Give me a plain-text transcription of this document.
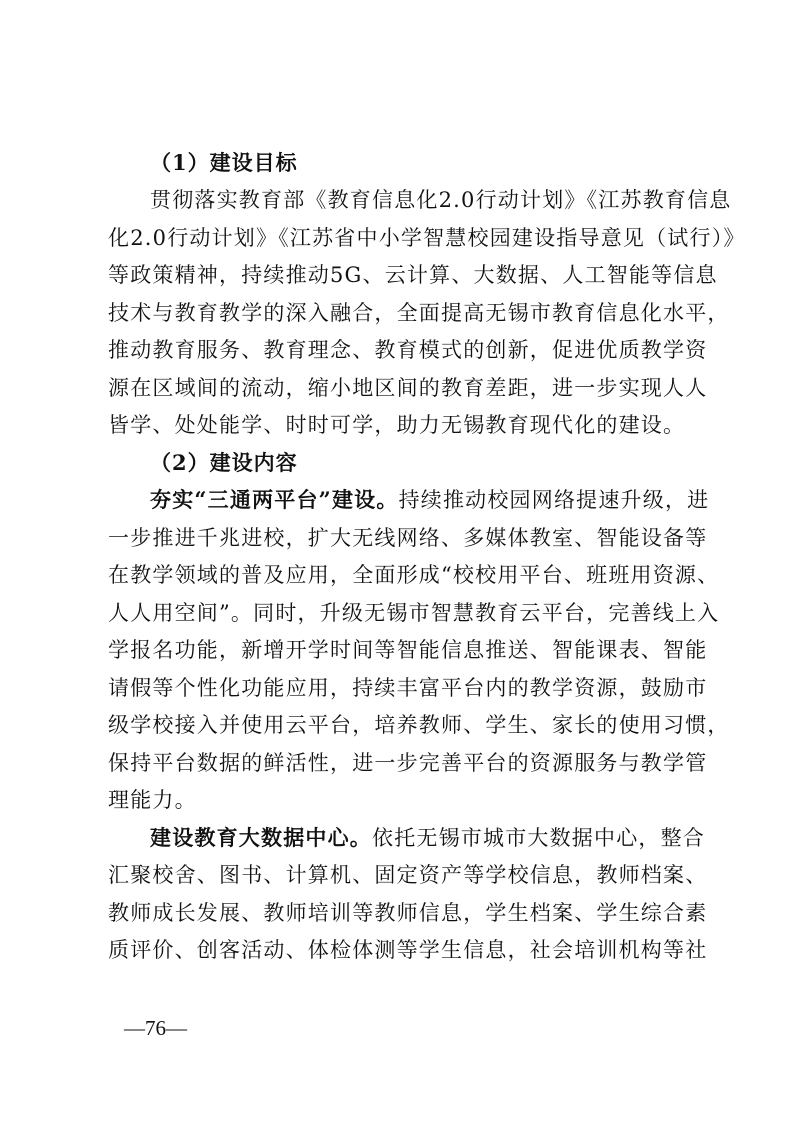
（1）建设目标
贯彻落实教育部《教育信息化2.0行动计划》《江苏教育信息
化2.0行动计划》《江苏省中小学智慧校园建设指导意见（试行）》
等政策精神，持续推动5G、云计算、大数据、人工智能等信息
技术与教育教学的深入融合，全面提高无锡市教育信息化水平，
推动教育服务、教育理念、教育模式的创新，促进优质教学资
源在区域间的流动，缩小地区间的教育差距，进一步实现人人
皆学、处处能学、时时可学，助力无锡教育现代化的建设。
（2）建设内容
夯实“三通两平台”建设。持续推动校园网络提速升级，进
一步推进千兆进校，扩大无线网络、多媒体教室、智能设备等
在教学领域的普及应用，全面形成“校校用平台、班班用资源、
人人用空间”。同时，升级无锡市智慧教育云平台，完善线上入
学报名功能，新增开学时间等智能信息推送、智能课表、智能
请假等个性化功能应用，持续丰富平台内的教学资源，鼓励市
级学校接入并使用云平台，培养教师、学生、家长的使用习惯，
保持平台数据的鲜活性，进一步完善平台的资源服务与教学管
理能力。
建设教育大数据中心。依托无锡市城市大数据中心，整合
汇聚校舍、图书、计算机、固定资产等学校信息，教师档案、
教师成长发展、教师培训等教师信息，学生档案、学生综合素
质评价、创客活动、体检体测等学生信息，社会培训机构等社
—76—
